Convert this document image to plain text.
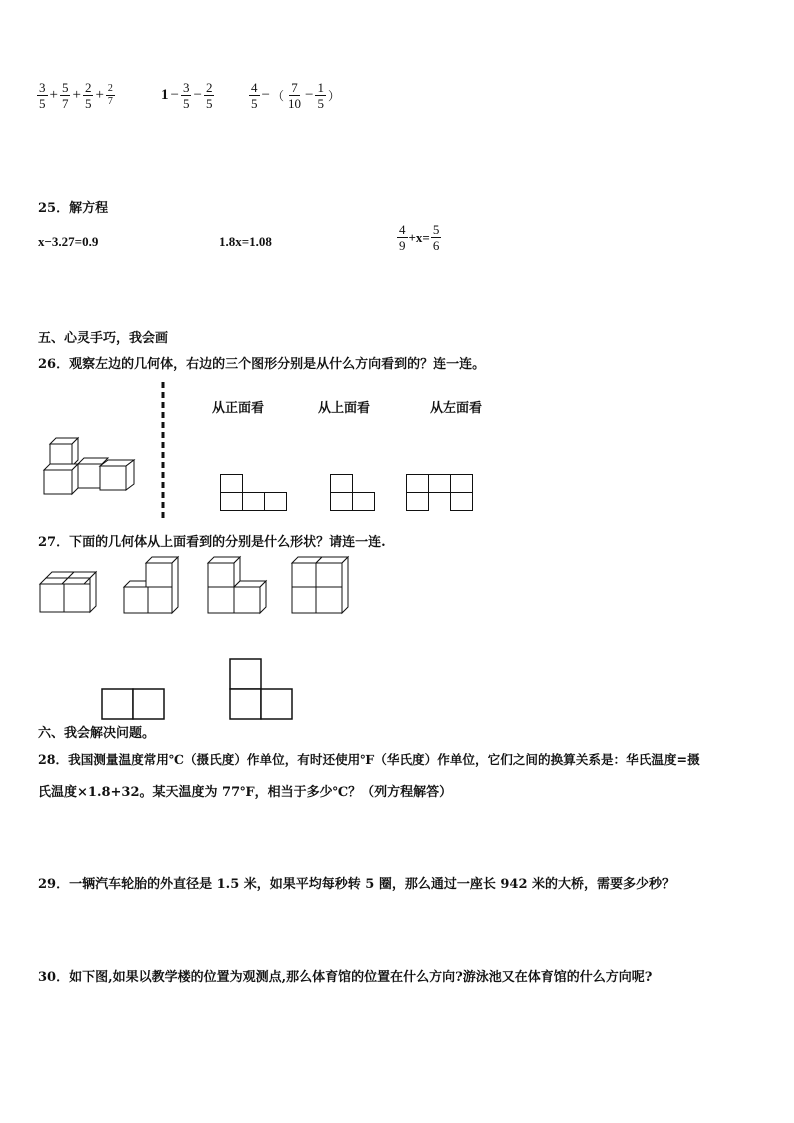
$\frac{3}{5} + \frac{5}{7} + \frac{2}{5} + \frac{2}{7}$	$1 - \frac{3}{5} - \frac{2}{5}$	$\frac{4}{5}$ − （ $\frac{7}{10} - \frac{1}{5}$ ）
25．解方程
x−3.27=0.9	1.8x=1.08	$\frac{4}{9} +x= \frac{5}{6}$
五、心灵手巧，我会画
26．观察左边的几何体，右边的三个图形分别是从什么方向看到的？连一连。
从正面看	从上面看	从左面看
27．下面的几何体从上面看到的分别是什么形状？请连一连.
六、我会解决问题。
28．我国测量温度常用℃（摄氏度）作单位，有时还使用℉（华氏度）作单位，它们之间的换算关系是：华氏温度=摄
氏温度×1.8+32。某天温度为 77℉，相当于多少℃？（列方程解答）
29．一辆汽车轮胎的外直径是 1.5 米，如果平均每秒转 5 圈，那么通过一座长 942 米的大桥，需要多少秒？
30．如下图,如果以教学楼的位置为观测点,那么体育馆的位置在什么方向?游泳池又在体育馆的什么方向呢?
